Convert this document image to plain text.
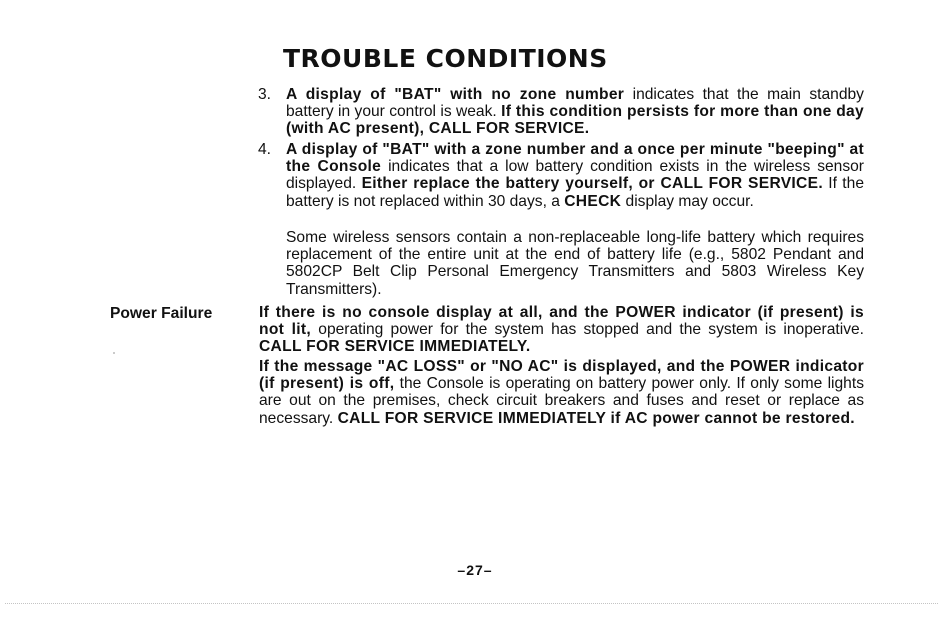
TROUBLE CONDITIONS
3. A display of "BAT" with no zone number indicates that the main standby battery in your control is weak. If this condition persists for more than one day (with AC present), CALL FOR SERVICE.
4. A display of "BAT" with a zone number and a once per minute "beeping" at the Console indicates that a low battery condition exists in the wireless sensor displayed. Either replace the battery yourself, or CALL FOR SERVICE. If the battery is not replaced within 30 days, a CHECK display may occur.
Some wireless sensors contain a non-replaceable long-life battery which requires replacement of the entire unit at the end of battery life (e.g., 5802 Pendant and 5802CP Belt Clip Personal Emergency Transmitters and 5803 Wireless Key Transmitters).
Power Failure	If there is no console display at all, and the POWER indicator (if present) is not lit, operating power for the system has stopped and the system is inoperative. CALL FOR SERVICE IMMEDIATELY.
If the message "AC LOSS" or "NO AC" is displayed, and the POWER indicator (if present) is off, the Console is operating on battery power only. If only some lights are out on the premises, check circuit breakers and fuses and reset or replace as necessary. CALL FOR SERVICE IMMEDIATELY if AC power cannot be restored.
–27–
